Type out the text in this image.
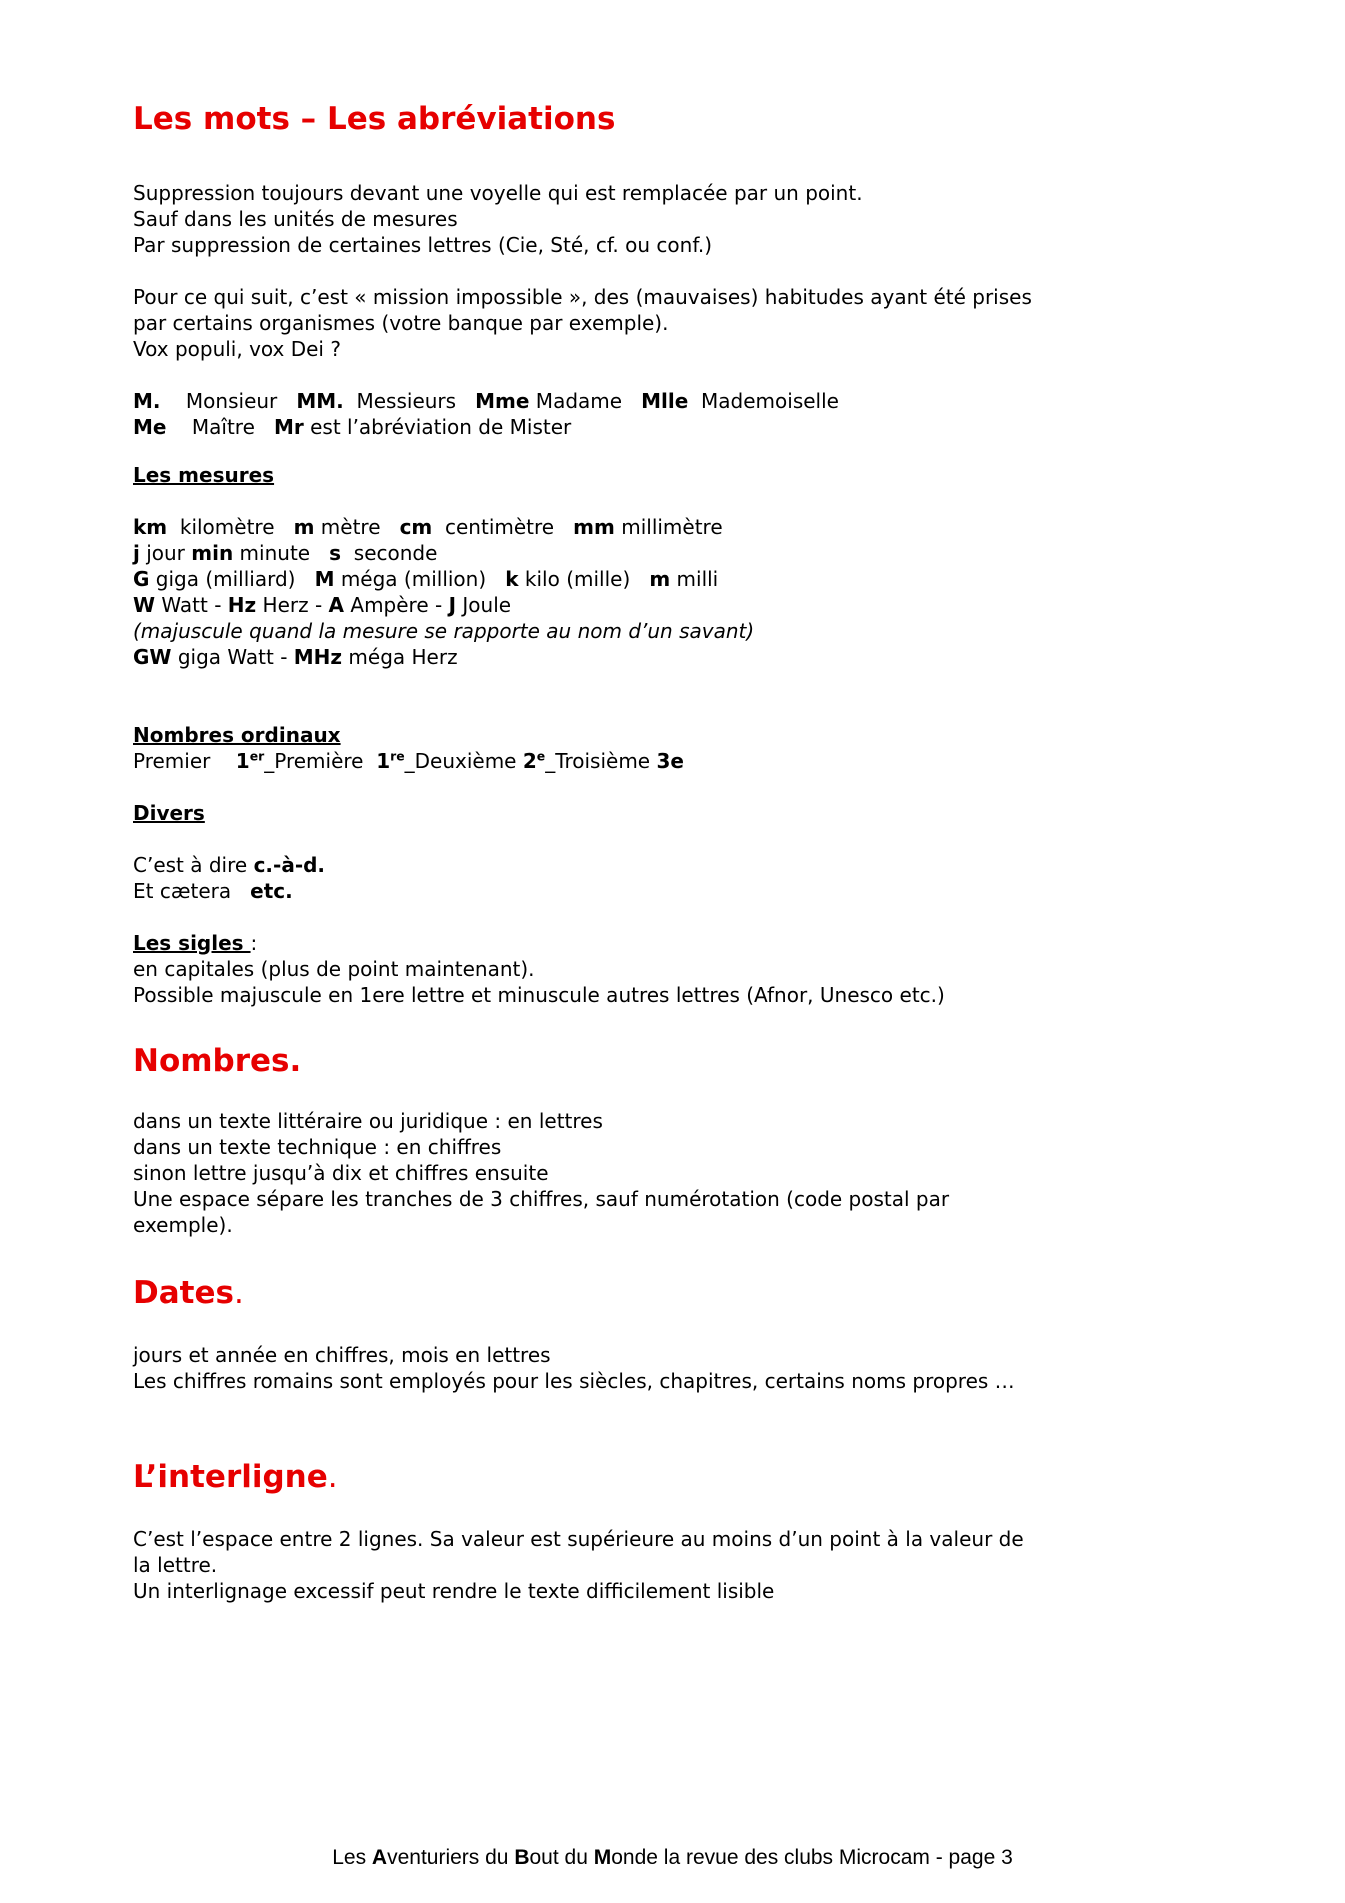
Les mots – Les abréviations
Suppression toujours devant une voyelle qui est remplacée par un point.
Sauf dans les unités de mesures
Par suppression de certaines lettres (Cie, Sté, cf. ou conf.)
Pour ce qui suit, c’est « mission impossible », des (mauvaises) habitudes ayant été prises
par certains organismes (votre banque par exemple).
Vox populi, vox Dei ?
M.    Monsieur   MM.  Messieurs   Mme Madame   Mlle  Mademoiselle
Me    Maître   Mr est l’abréviation de Mister
Les mesures
km  kilomètre   m mètre   cm  centimètre   mm millimètre
j jour min minute   s  seconde
G giga (milliard)   M méga (million)   k kilo (mille)   m milli
W Watt - Hz Herz - A Ampère - J Joule
(majuscule quand la mesure se rapporte au nom d’un savant)
GW giga Watt - MHz méga Herz
Nombres ordinaux
Premier    1er_Première  1re_Deuxième 2e_Troisième 3e
Divers
C’est à dire c.-à-d.
Et cætera   etc.
Les sigles :
en capitales (plus de point maintenant).
Possible majuscule en 1ere lettre et minuscule autres lettres (Afnor, Unesco etc.)
Nombres.
dans un texte littéraire ou juridique : en lettres
dans un texte technique : en chiffres
sinon lettre jusqu’à dix et chiffres ensuite
Une espace sépare les tranches de 3 chiffres, sauf numérotation (code postal par
exemple).
Dates.
jours et année en chiffres, mois en lettres
Les chiffres romains sont employés pour les siècles, chapitres, certains noms propres …
L’interligne.
C’est l’espace entre 2 lignes. Sa valeur est supérieure au moins d’un point à la valeur de
la lettre.
Un interlignage excessif peut rendre le texte difficilement lisible
Les Aventuriers du Bout du Monde la revue des clubs Microcam - page 3
